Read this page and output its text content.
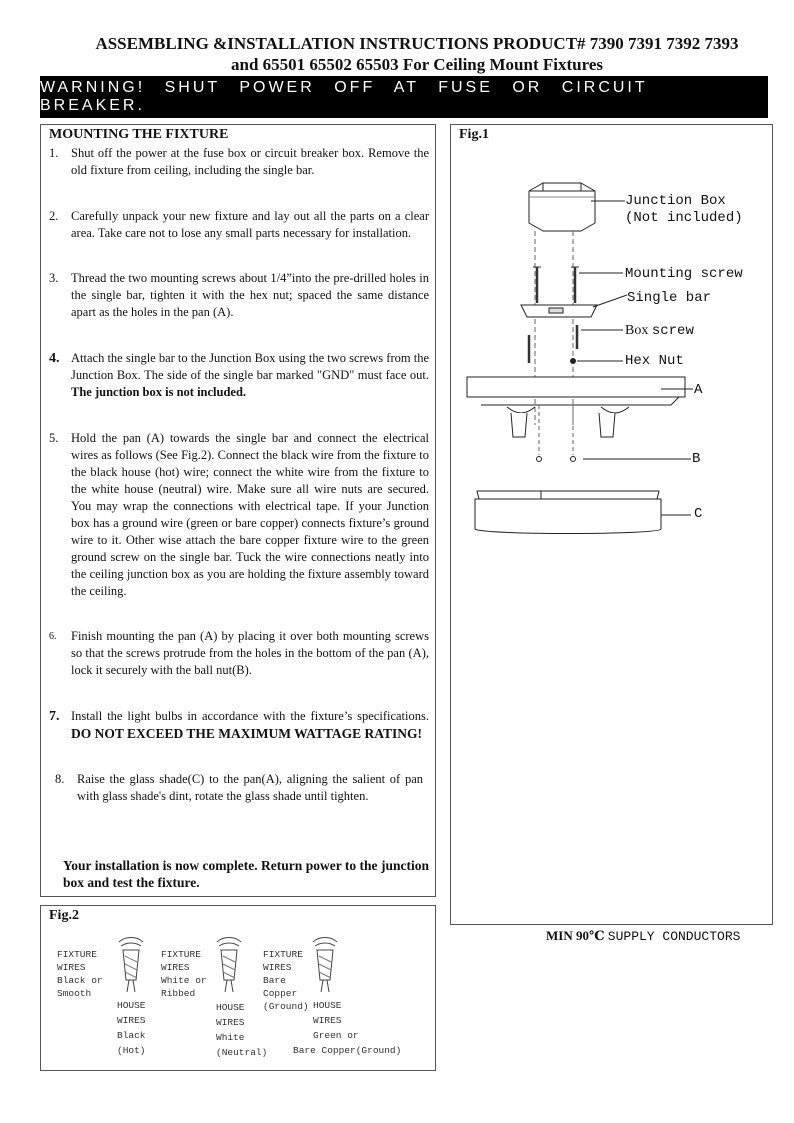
ASSEMBLING &INSTALLATION INSTRUCTIONS PRODUCT# 7390 7391 7392 7393
and 65501 65502 65503 For Ceiling Mount Fixtures
WARNING! SHUT POWER OFF AT FUSE OR CIRCUIT BREAKER.
MOUNTING THE FIXTURE
1. Shut off the power at the fuse box or circuit breaker box. Remove the old fixture from ceiling, including the single bar.
2. Carefully unpack your new fixture and lay out all the parts on a clear area. Take care not to lose any small parts necessary for installation.
3. Thread the two mounting screws about 1/4”into the pre-drilled holes in the single bar, tighten it with the hex nut; spaced the same distance apart as the holes in the pan (A).
4. Attach the single bar to the Junction Box using the two screws from the Junction Box. The side of the single bar marked "GND" must face out. The junction box is not included.
5. Hold the pan (A) towards the single bar and connect the electrical wires as follows (See Fig.2). Connect the black wire from the fixture to the black house (hot) wire; connect the white wire from the fixture to the white house (neutral) wire. Make sure all wire nuts are secured. You may wrap the connections with electrical tape. If your Junction box has a ground wire (green or bare copper) connects fixture’s ground wire to it. Other wise attach the bare copper fixture wire to the green ground screw on the single bar. Tuck the wire connections neatly into the ceiling junction box as you are holding the fixture assembly toward the ceiling.
6. Finish mounting the pan (A) by placing it over both mounting screws so that the screws protrude from the holes in the bottom of the pan (A), lock it securely with the ball nut(B).
7. Install the light bulbs in accordance with the fixture’s specifications. DO NOT EXCEED THE MAXIMUM WATTAGE RATING!
8. Raise the glass shade(C) to the pan(A), aligning the salient of pan with glass shade's dint, rotate the glass shade until tighten.
Your installation is now complete. Return power to the junction box and test the fixture.
Fig.1
Junction Box
(Not included)
Mounting screw
Single bar
Box screw
Hex Nut
A
B
C
MIN 90℃ SUPPLY CONDUCTORS
Fig.2
FIXTURE
WIRES
Black or
Smooth
HOUSE
WIRES
Black
(Hot)
FIXTURE
WIRES
White or
Ribbed
HOUSE
WIRES
White
(Neutral)
FIXTURE
WIRES
Bare
Copper
(Ground) HOUSE
WIRES
Green or
Bare Copper(Ground)
